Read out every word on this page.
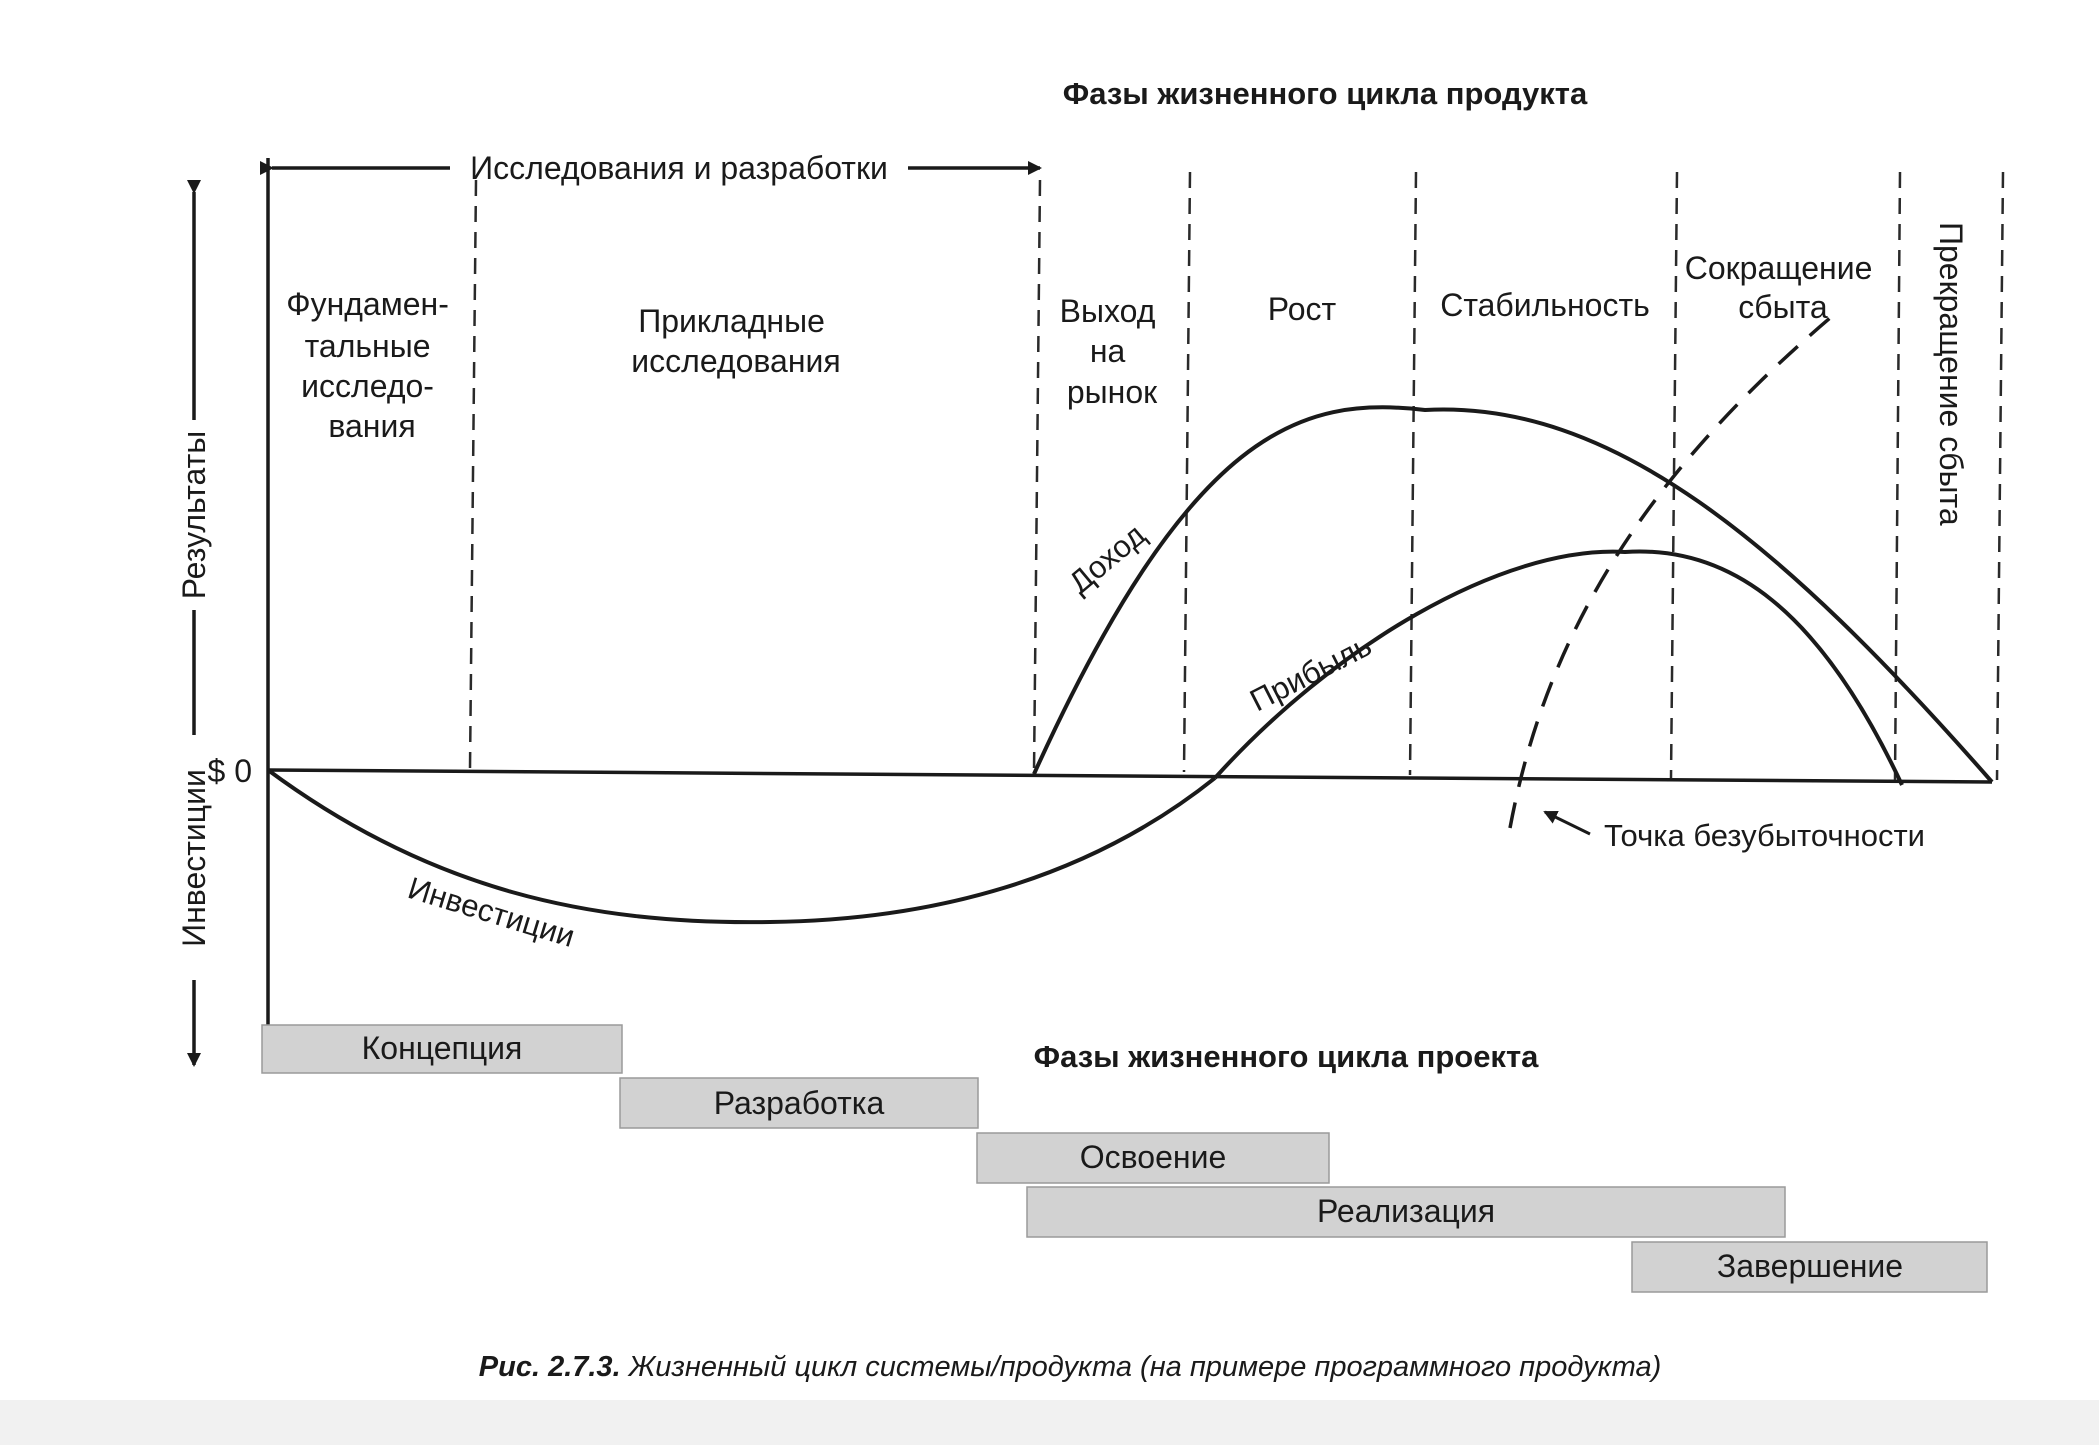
Фазы жизненного цикла продукта
Исследования и разработки
Результаты
Инвестиции
$ 0
Фундамен- тальные исследо- вания
Прикладные исследования
Выход на рынок
Рост	Стабильность
Сокращение сбыта	Прекращение сбыта
Доход
Прибыль
Инвестиции
Точка безубыточности
Фазы жизненного цикла проекта
Концепция
Разработка
Освоение
Реализация
Завершение
Рис. 2.7.3. Жизненный цикл системы/продукта (на примере программного продукта)
